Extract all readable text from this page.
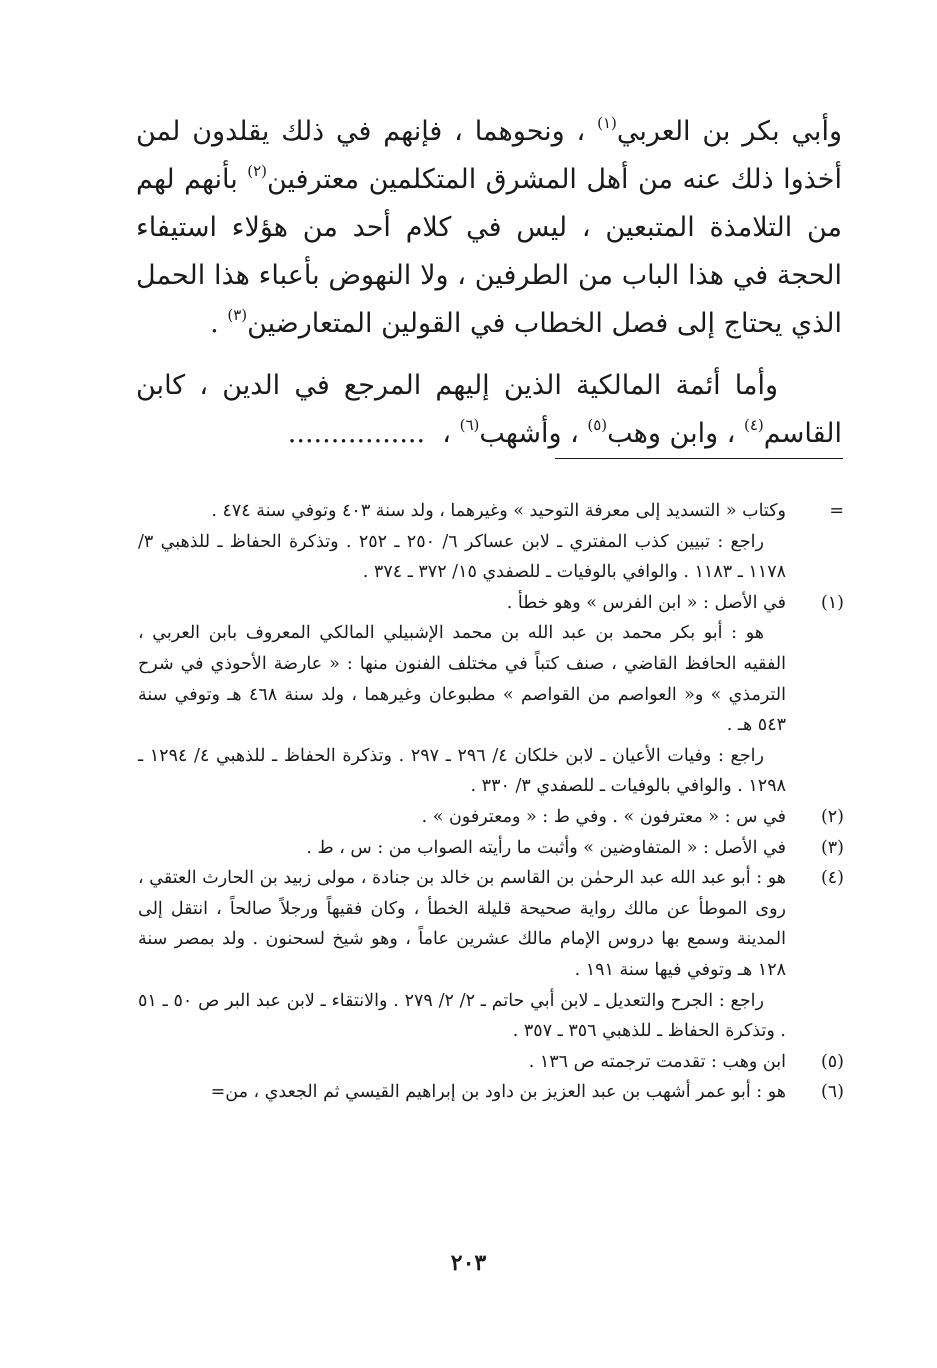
وأبي بكر بن العربي$^{(١)}$ ، ونحوهما ، فإنهم في ذلك يقلدون لمن أخذوا ذلك عنه من أهل المشرق المتكلمين معترفين$^{(٢)}$ بأنهم لهم من التلامذة المتبعين ، ليس في كلام أحد من هؤلاء استيفاء الحجة في هذا الباب من الطرفين ، ولا النهوض بأعباء هذا الحمل الذي يحتاج إلى فصل الخطاب في القولين المتعارضين$^{(٣)}$ .

وأما أئمة المالكية الذين إليهم المرجع في الدين ، كابن القاسم$^{(٤)}$ ، وابن وهب$^{(٥)}$ ، وأشهب$^{(٦)}$ ،  ................

=
وكتاب « التسديد إلى معرفة التوحيد » وغيرهما ، ولد سنة ٤٠٣ وتوفي سنة ٤٧٤ .
راجع : تبيين كذب المفتري ـ لابن عساكر ٦/ ٢٥٠ ـ ٢٥٢ . وتذكرة الحفاظ ـ للذهبي ٣/ ١١٧٨ ـ ١١٨٣ . والوافي بالوفيات ـ للصفدي ١٥/ ٣٧٢ ـ ٣٧٤ .
(١)
في الأصل : « ابن الفرس » وهو خطأ .
هو : أبو بكر محمد بن عبد الله بن محمد الإشبيلي المالكي المعروف بابن العربي ، الفقيه الحافظ القاضي ، صنف كتباً في مختلف الفنون منها : « عارضة الأحوذي في شرح الترمذي » و« العواصم من القواصم » مطبوعان وغيرهما ، ولد سنة ٤٦٨ هـ وتوفي سنة ٥٤٣ هـ .
راجع : وفيات الأعيان ـ لابن خلكان ٤/ ٢٩٦ ـ ٢٩٧ . وتذكرة الحفاظ ـ للذهبي ٤/ ١٢٩٤ ـ ١٢٩٨ . والوافي بالوفيات ـ للصفدي ٣/ ٣٣٠ .
(٢)
في س : « معترفون » . وفي ط : « ومعترفون » .
(٣)
في الأصل : « المتفاوضين » وأثبت ما رأيته الصواب من : س ، ط .
(٤)
هو : أبو عبد الله عبد الرحمٰن بن القاسم بن خالد بن جنادة ، مولى زبيد بن الحارث العتقي ، روى الموطأ عن مالك رواية صحيحة قليلة الخطأ ، وكان فقيهاً ورجلاً صالحاً ، انتقل إلى المدينة وسمع بها دروس الإمام مالك عشرين عاماً ، وهو شيخ لسحنون . ولد بمصر سنة ١٢٨ هـ وتوفي فيها سنة ١٩١ .
راجع : الجرح والتعديل ـ لابن أبي حاتم ـ ٢/ ٢/ ٢٧٩ . والانتقاء ـ لابن عبد البر ص ٥٠ ـ ٥١ . وتذكرة الحفاظ ـ للذهبي ٣٥٦ ـ ٣٥٧ .
(٥)
ابن وهب : تقدمت ترجمته ص ١٣٦ .
(٦)
هو : أبو عمر أشهب بن عبد العزيز بن داود بن إبراهيم القيسي ثم الجعدي ، من=
٢٠٣
